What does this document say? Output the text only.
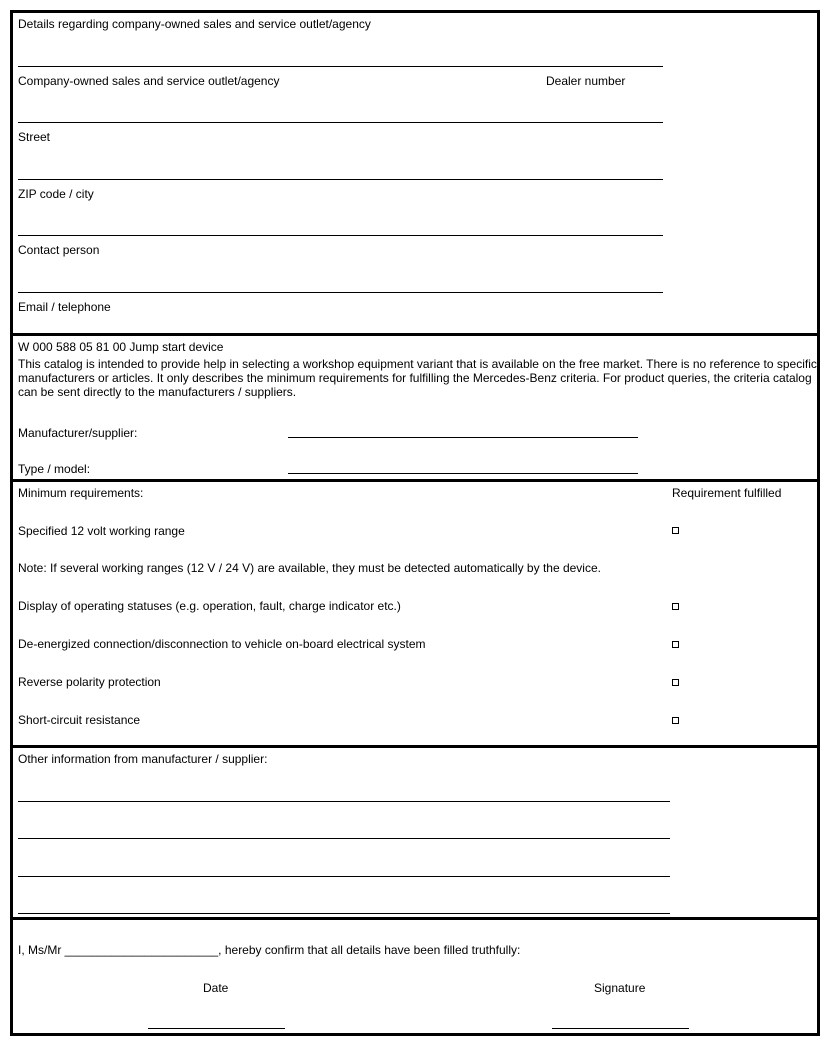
Details regarding company-owned sales and service outlet/agency
Company-owned sales and service outlet/agency	Dealer number
Street
ZIP code / city
Contact person
Email / telephone
W 000 588 05 81 00 Jump start device
This catalog is intended to provide help in selecting a workshop equipment variant that is available on the free market. There is no reference to specific manufacturers or articles. It only describes the minimum requirements for fulfilling the Mercedes-Benz criteria. For product queries, the criteria catalog can be sent directly to the manufacturers / suppliers.
Manufacturer/supplier:
Type / model:
Minimum requirements:	Requirement fulfilled
Specified 12 volt working range
Note: If several working ranges (12 V / 24 V) are available, they must be detected automatically by the device.
Display of operating statuses (e.g. operation, fault, charge indicator etc.)
De-energized connection/disconnection to vehicle on-board electrical system
Reverse polarity protection
Short-circuit resistance
Other information from manufacturer / supplier:
I, Ms/Mr _______________________, hereby confirm that all details have been filled truthfully:
Date	Signature
